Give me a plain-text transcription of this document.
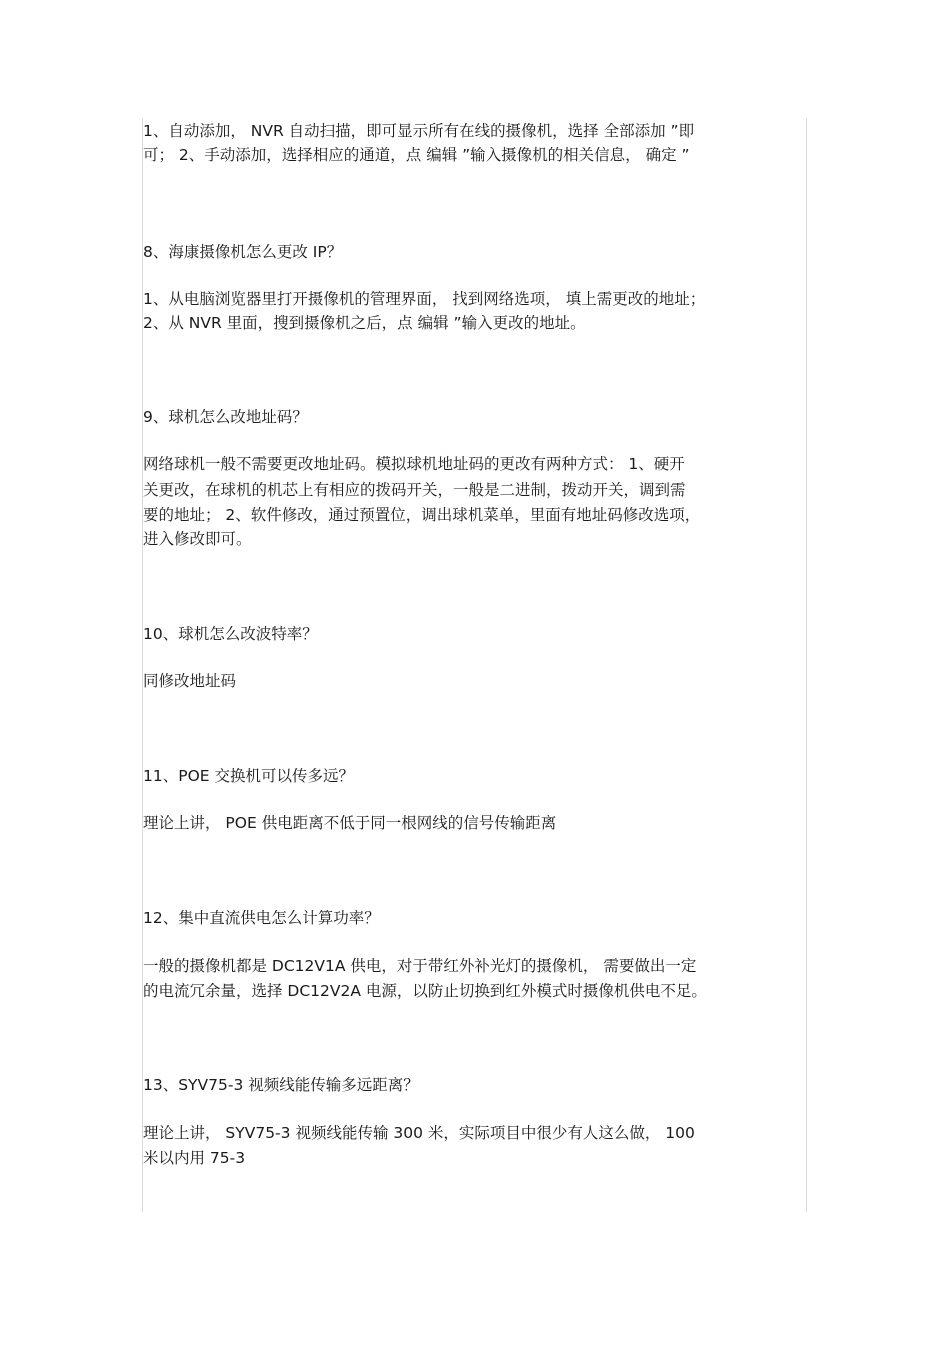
1、自动添加， NVR 自动扫描，即可显示所有在线的摄像机，选择 全部添加 ”即
可； 2、手动添加，选择相应的通道，点 编辑 ”输入摄像机的相关信息， 确定 ”
8、海康摄像机怎么更改 IP？
1、从电脑浏览器里打开摄像机的管理界面， 找到网络选项， 填上需更改的地址；
2、从 NVR 里面，搜到摄像机之后，点 编辑 ”输入更改的地址。
9、球机怎么改地址码？
网络球机一般不需要更改地址码。模拟球机地址码的更改有两种方式： 1、硬开
关更改，在球机的机芯上有相应的拨码开关，一般是二进制，拨动开关，调到需
要的地址； 2、软件修改，通过预置位，调出球机菜单，里面有地址码修改选项，
进入修改即可。
10、球机怎么改波特率？
同修改地址码
11、POE 交换机可以传多远？
理论上讲， POE 供电距离不低于同一根网线的信号传输距离
12、集中直流供电怎么计算功率？
一般的摄像机都是 DC12V1A 供电，对于带红外补光灯的摄像机， 需要做出一定
的电流冗余量，选择 DC12V2A 电源，以防止切换到红外模式时摄像机供电不足。
13、SYV75-3 视频线能传输多远距离？
理论上讲， SYV75-3 视频线能传输 300 米，实际项目中很少有人这么做， 100
米以内用 75-3
